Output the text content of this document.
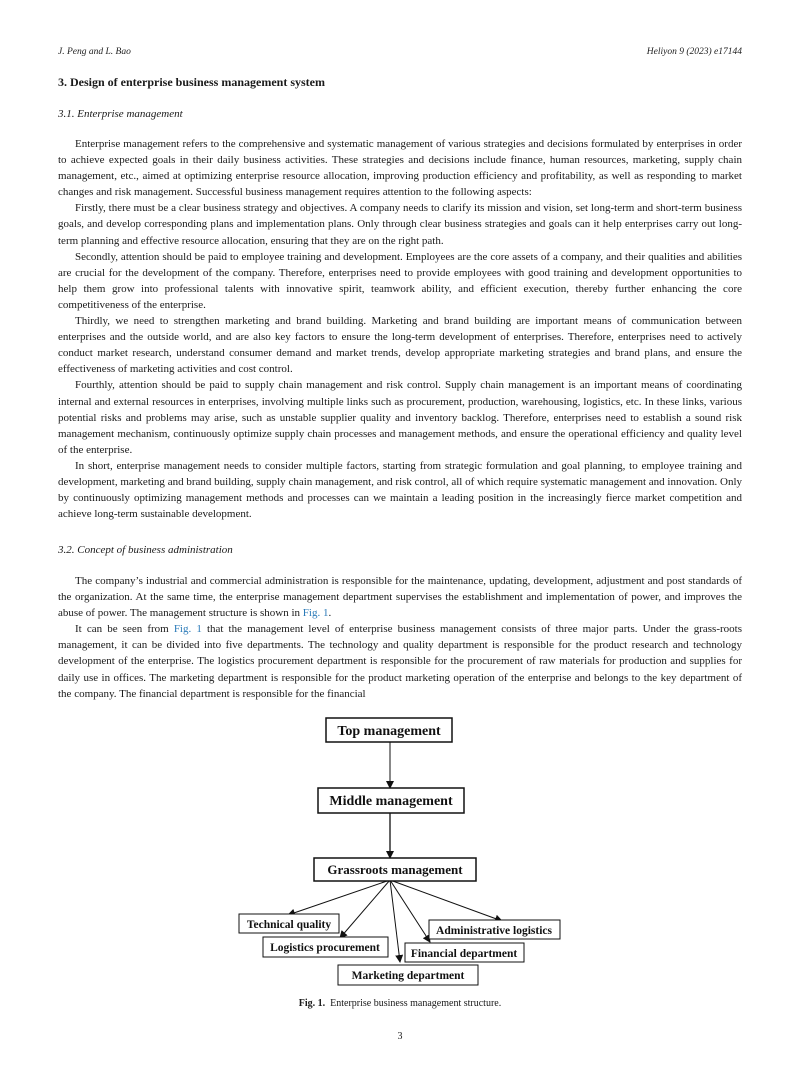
J. Peng and L. Bao	Heliyon 9 (2023) e17144
3. Design of enterprise business management system
3.1. Enterprise management

Enterprise management refers to the comprehensive and systematic management of various strategies and decisions formulated by enterprises in order to achieve expected goals in their daily business activities. These strategies and decisions include finance, human resources, marketing, supply chain management, etc., aimed at optimizing enterprise resource allocation, improving production efficiency and profitability, as well as responding to market changes and risk management. Successful business management requires attention to the following aspects:

Firstly, there must be a clear business strategy and objectives. A company needs to clarify its mission and vision, set long-term and short-term business goals, and develop corresponding plans and implementation plans. Only through clear business strategies and goals can it help enterprises carry out long-term planning and effective resource allocation, ensuring that they are on the right path.

Secondly, attention should be paid to employee training and development. Employees are the core assets of a company, and their qualities and abilities are crucial for the development of the company. Therefore, enterprises need to provide employees with good training and development opportunities to help them grow into professional talents with innovative spirit, teamwork ability, and efficient execution, thereby further enhancing the core competitiveness of the enterprise.

Thirdly, we need to strengthen marketing and brand building. Marketing and brand building are important means of communication between enterprises and the outside world, and are also key factors to ensure the long-term development of enterprises. Therefore, enterprises need to actively conduct market research, understand consumer demand and market trends, develop appropriate marketing strategies and brand plans, and ensure the effectiveness of marketing activities and cost control.

Fourthly, attention should be paid to supply chain management and risk control. Supply chain management is an important means of coordinating internal and external resources in enterprises, involving multiple links such as procurement, production, warehousing, logistics, etc. In these links, various potential risks and problems may arise, such as unstable supplier quality and inventory backlog. Therefore, enterprises need to establish a sound risk management mechanism, continuously optimize supply chain processes and management methods, and ensure the operational efficiency and quality level of the enterprise.

In short, enterprise management needs to consider multiple factors, starting from strategic formulation and goal planning, to employee training and development, marketing and brand building, supply chain management, and risk control, all of which require systematic management and innovation. Only by continuously optimizing management methods and processes can we maintain a leading position in the increasingly fierce market competition and achieve long-term sustainable development.

3.2. Concept of business administration

The company’s industrial and commercial administration is responsible for the maintenance, updating, development, adjustment and post standards of the organization. At the same time, the enterprise management department supervises the establishment and implementation of power, and improves the abuse of power. The management structure is shown in Fig. 1.

It can be seen from Fig. 1 that the management level of enterprise business management consists of three major parts. Under the grass-roots management, it can be divided into five departments. The technology and quality department is responsible for the product research and technology development of the enterprise. The logistics procurement department is responsible for the procurement of raw materials for production and supplies for daily use in offices. The marketing department is responsible for the product marketing operation of the enterprise and belongs to the key department of the company. The financial department is responsible for the financial

Top management
Middle management
Grassroots management
Technical quality
Logistics procurement
Marketing department
Financial department
Administrative logistics
Fig. 1. Enterprise business management structure.
3
